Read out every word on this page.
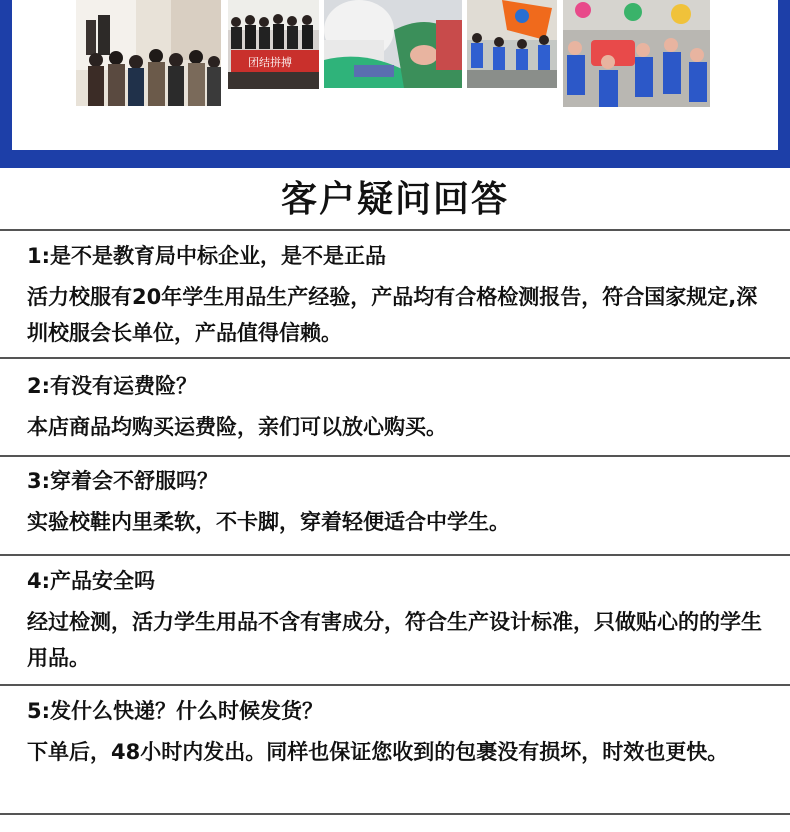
团结拼搏
客户疑问回答
1:是不是教育局中标企业，是不是正品
活力校服有20年学生用品生产经验，产品均有合格检测报告，符合国家规定,深圳校服会长单位，产品值得信赖。
2:有没有运费险？
本店商品均购买运费险，亲们可以放心购买。
3:穿着会不舒服吗？
实验校鞋内里柔软，不卡脚，穿着轻便适合中学生。
4:产品安全吗
经过检测，活力学生用品不含有害成分，符合生产设计标准，只做贴心的的学生用品。
5:发什么快递？什么时候发货？
下单后，48小时内发出。同样也保证您收到的包裹没有损坏，时效也更快。
